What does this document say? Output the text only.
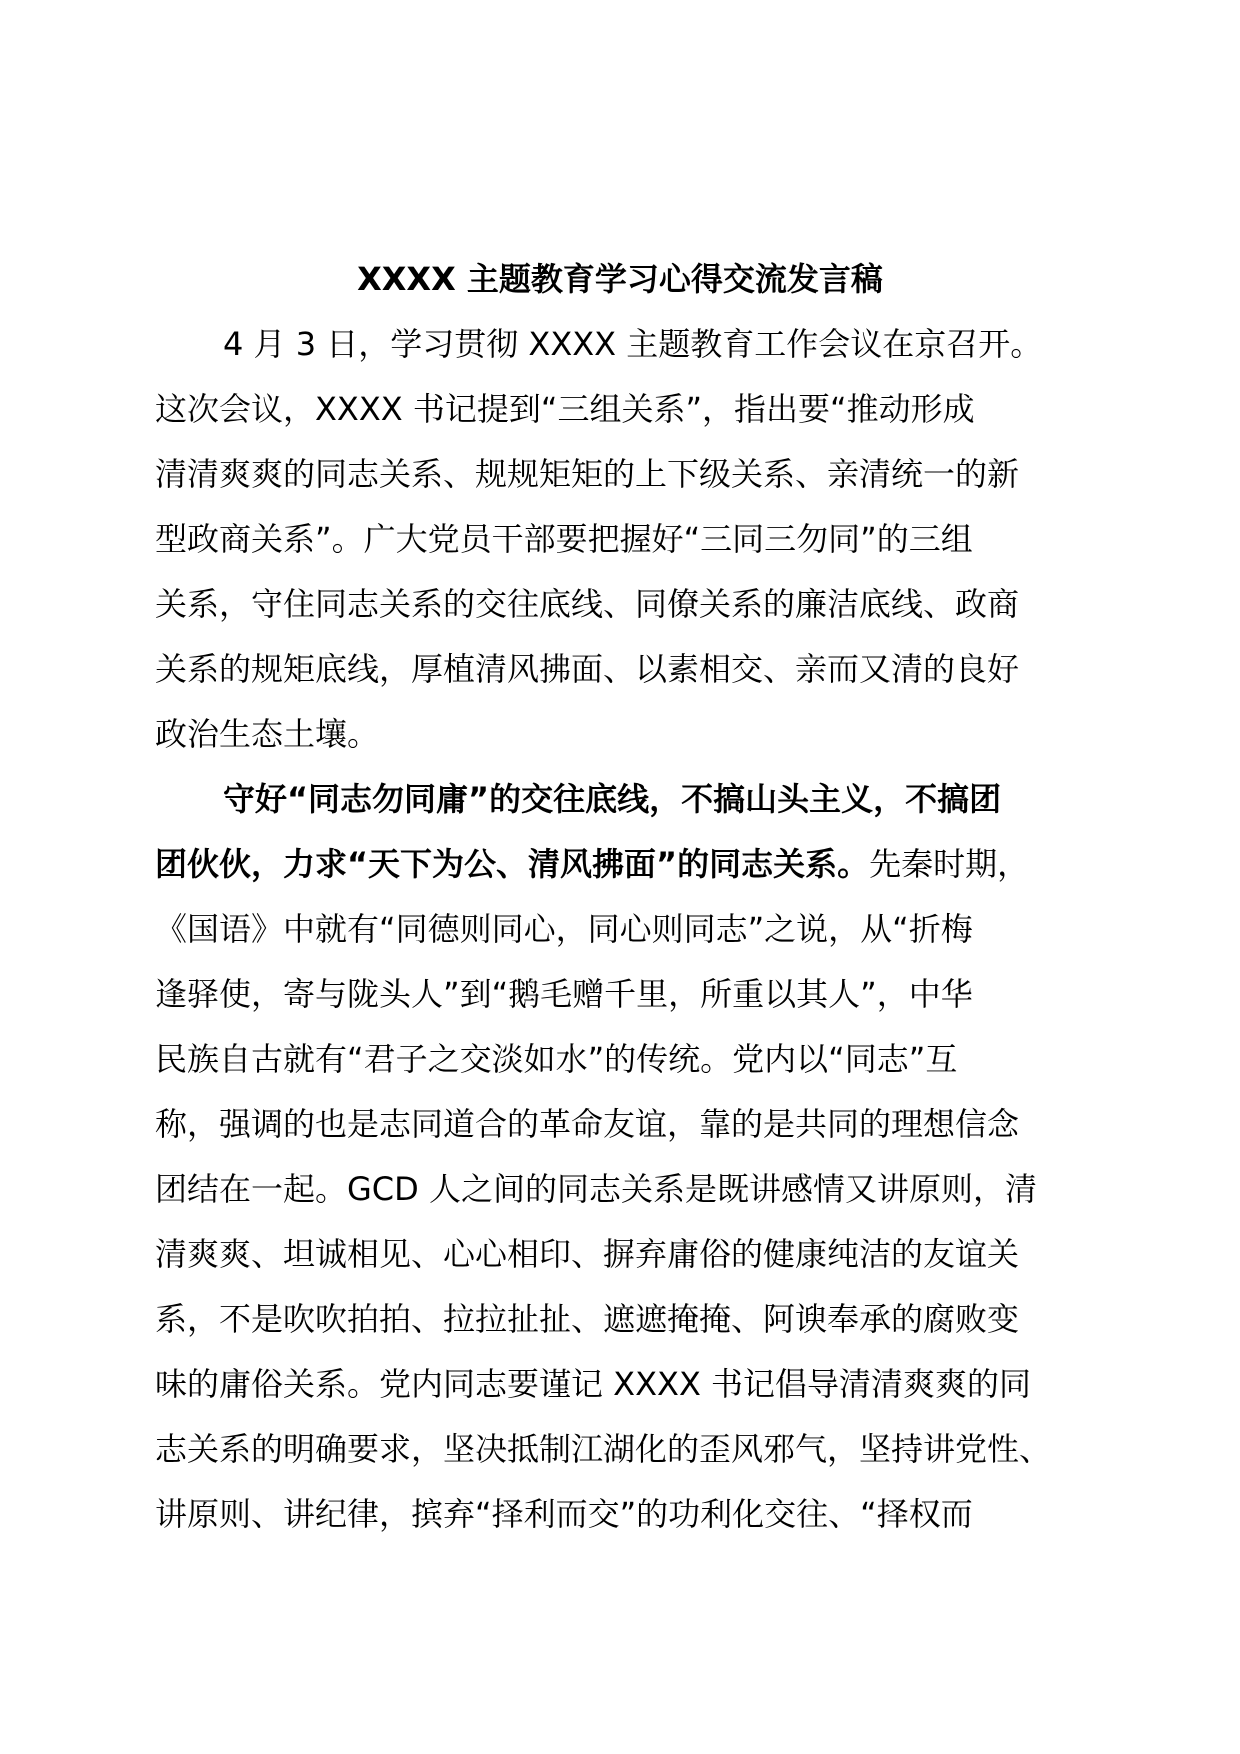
XXXX 主题教育学习心得交流发言稿
4 月 3 日，学习贯彻 XXXX 主题教育工作会议在京召开。
这次会议，XXXX 书记提到“三组关系”，指出要“推动形成
清清爽爽的同志关系、规规矩矩的上下级关系、亲清统一的新
型政商关系”。广大党员干部要把握好“三同三勿同”的三组
关系，守住同志关系的交往底线、同僚关系的廉洁底线、政商
关系的规矩底线，厚植清风拂面、以素相交、亲而又清的良好
政治生态土壤。
守好“同志勿同庸”的交往底线，不搞山头主义，不搞团
团伙伙，力求“天下为公、清风拂面”的同志关系。先秦时期，
《国语》中就有“同德则同心，同心则同志”之说，从“折梅
逢驿使，寄与陇头人”到“鹅毛赠千里，所重以其人”，中华
民族自古就有“君子之交淡如水”的传统。党内以“同志”互
称，强调的也是志同道合的革命友谊，靠的是共同的理想信念
团结在一起。GCD 人之间的同志关系是既讲感情又讲原则，清
清爽爽、坦诚相见、心心相印、摒弃庸俗的健康纯洁的友谊关
系，不是吹吹拍拍、拉拉扯扯、遮遮掩掩、阿谀奉承的腐败变
味的庸俗关系。党内同志要谨记 XXXX 书记倡导清清爽爽的同
志关系的明确要求，坚决抵制江湖化的歪风邪气，坚持讲党性、
讲原则、讲纪律，摈弃“择利而交”的功利化交往、“择权而
